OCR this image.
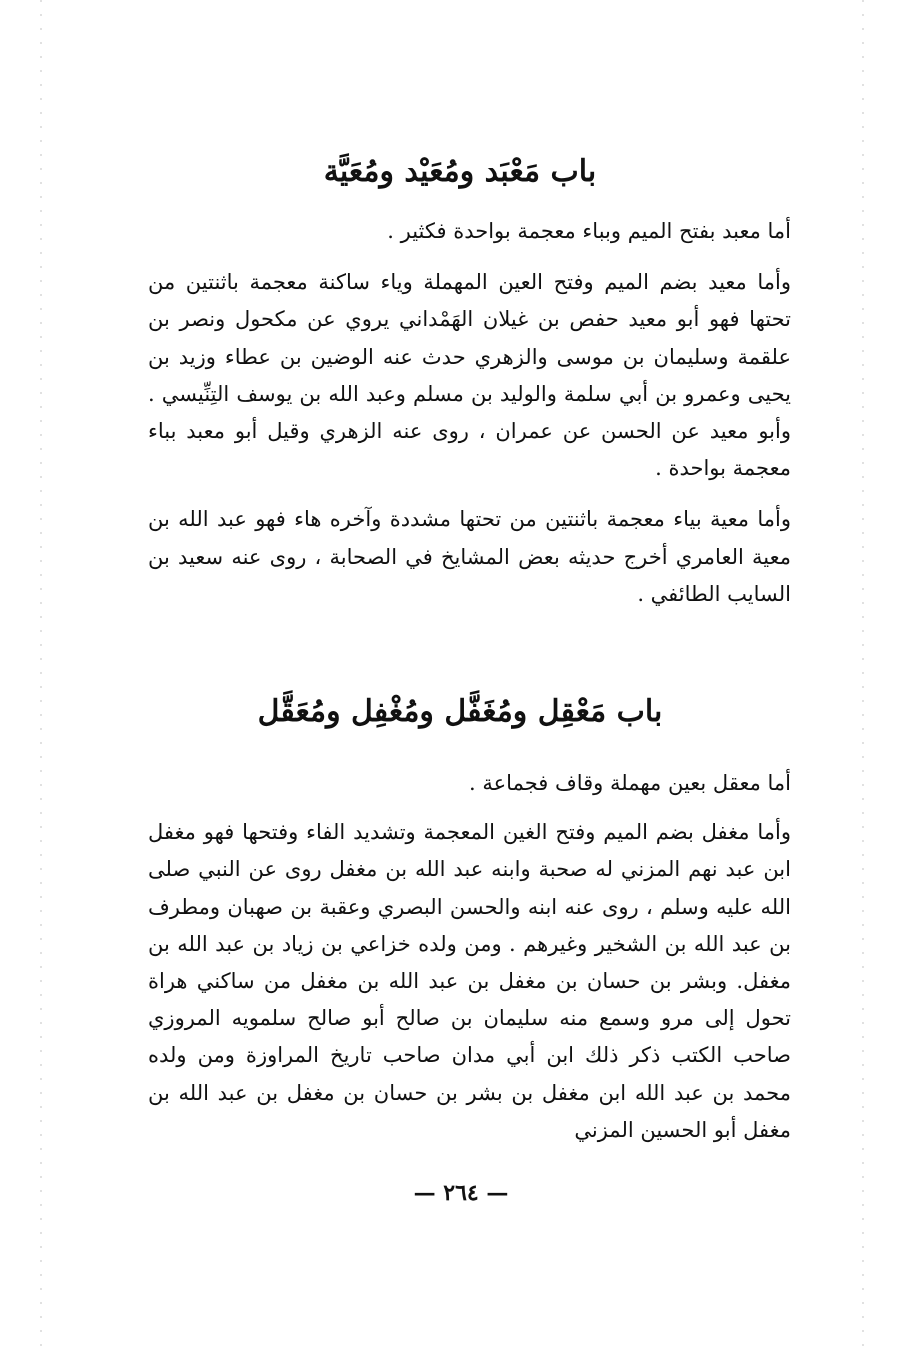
باب مَعْبَد ومُعَيْد ومُعَيَّة

أما معبد بفتح الميم وبباء معجمة بواحدة فكثير .

وأما معيد بضم الميم وفتح العين المهملة وياء ساكنة معجمة باثنتين من تحتها فهو أبو معيد حفص بن غيلان الهَمْداني يروي عن مكحول ونصر بن علقمة وسليمان بن موسى والزهري حدث عنه الوضين بن عطاء وزيد بن يحيى وعمرو بن أبي سلمة والوليد بن مسلم وعبد الله بن يوسف التِنِّيسي . وأبو معيد عن الحسن عن عمران ، روى عنه الزهري وقيل أبو معبد بباء معجمة بواحدة .

وأما معية بياء معجمة باثنتين من تحتها مشددة وآخره هاء فهو عبد الله بن معية العامري أخرج حديثه بعض المشايخ في الصحابة ، روى عنه سعيد بن السايب الطائفي .

باب مَعْقِل ومُغَفَّل ومُغْفِل ومُعَقَّل

أما معقل بعين مهملة وقاف فجماعة .

وأما مغفل بضم الميم وفتح الغين المعجمة وتشديد الفاء وفتحها فهو مغفل ابن عبد نهم المزني له صحبة وابنه عبد الله بن مغفل روى عن النبي صلى الله عليه وسلم ، روى عنه ابنه والحسن البصري وعقبة بن صهبان ومطرف بن عبد الله بن الشخير وغيرهم . ومن ولده خزاعي بن زياد بن عبد الله بن مغفل. وبشر بن حسان بن مغفل بن عبد الله بن مغفل من ساكني هراة تحول إلى مرو وسمع منه سليمان بن صالح أبو صالح سلمويه المروزي صاحب الكتب ذكر ذلك ابن أبي مدان صاحب تاريخ المراوزة ومن ولده محمد بن عبد الله ابن مغفل بن بشر بن حسان بن مغفل بن عبد الله بن مغفل أبو الحسين المزني

— ٢٦٤ —
